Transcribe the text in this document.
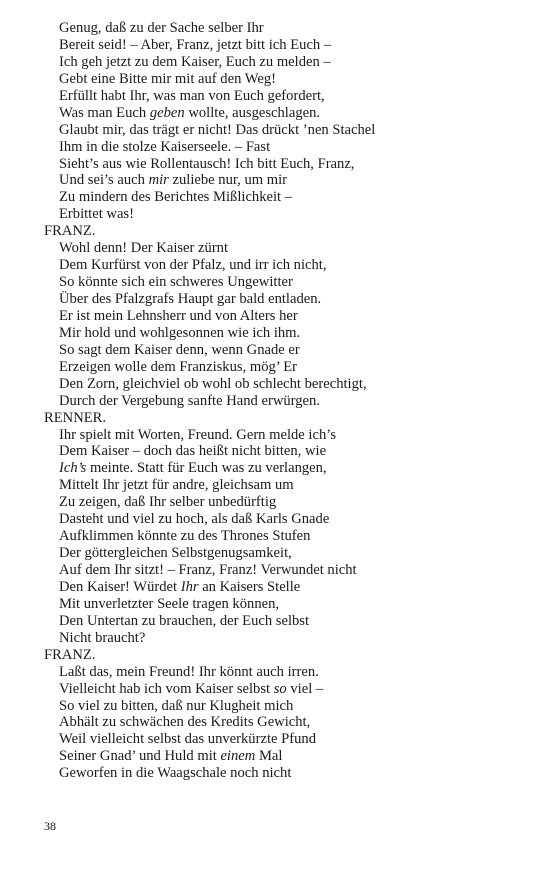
Genug, daß zu der Sache selber Ihr
Bereit seid! – Aber, Franz, jetzt bitt ich Euch –
Ich geh jetzt zu dem Kaiser, Euch zu melden –
Gebt eine Bitte mir mit auf den Weg!
Erfüllt habt Ihr, was man von Euch gefordert,
Was man Euch geben wollte, ausgeschlagen.
Glaubt mir, das trägt er nicht! Das drückt ’nen Stachel
Ihm in die stolze Kaiserseele. – Fast
Sieht’s aus wie Rollentausch! Ich bitt Euch, Franz,
Und sei’s auch mir zuliebe nur, um mir
Zu mindern des Berichtes Mißlichkeit –
Erbittet was!
FRANZ.
Wohl denn! Der Kaiser zürnt
Dem Kurfürst von der Pfalz, und irr ich nicht,
So könnte sich ein schweres Ungewitter
Über des Pfalzgrafs Haupt gar bald entladen.
Er ist mein Lehnsherr und von Alters her
Mir hold und wohlgesonnen wie ich ihm.
So sagt dem Kaiser denn, wenn Gnade er
Erzeigen wolle dem Franziskus, mög’ Er
Den Zorn, gleichviel ob wohl ob schlecht berechtigt,
Durch der Vergebung sanfte Hand erwürgen.
RENNER.
Ihr spielt mit Worten, Freund. Gern melde ich’s
Dem Kaiser – doch das heißt nicht bitten, wie
Ich’s meinte. Statt für Euch was zu verlangen,
Mittelt Ihr jetzt für andre, gleichsam um
Zu zeigen, daß Ihr selber unbedürftig
Dasteht und viel zu hoch, als daß Karls Gnade
Aufklimmen könnte zu des Thrones Stufen
Der göttergleichen Selbstgenugsamkeit,
Auf dem Ihr sitzt! – Franz, Franz! Verwundet nicht
Den Kaiser! Würdet Ihr an Kaisers Stelle
Mit unverletzter Seele tragen können,
Den Untertan zu brauchen, der Euch selbst
Nicht braucht?
FRANZ.
Laßt das, mein Freund! Ihr könnt auch irren.
Vielleicht hab ich vom Kaiser selbst so viel –
So viel zu bitten, daß nur Klugheit mich
Abhält zu schwächen des Kredits Gewicht,
Weil vielleicht selbst das unverkürzte Pfund
Seiner Gnad’ und Huld mit einem Mal
Geworfen in die Waagschale noch nicht
38
